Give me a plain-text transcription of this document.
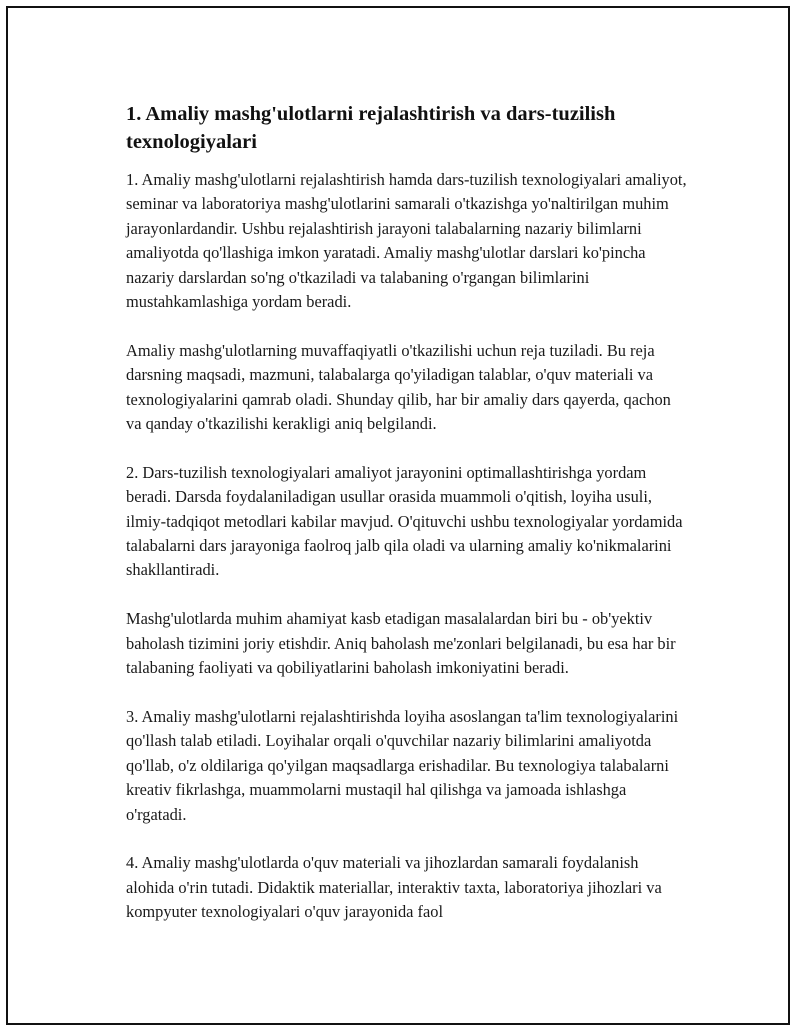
1. Amaliy mashg'ulotlarni rejalashtirish va dars-tuzilish texnologiyalari

1. Amaliy mashg'ulotlarni rejalashtirish hamda dars-tuzilish texnologiyalari amaliyot, seminar va laboratoriya mashg'ulotlarini samarali o'tkazishga yo'naltirilgan muhim jarayonlardandir. Ushbu rejalashtirish jarayoni talabalarning nazariy bilimlarni amaliyotda qo'llashiga imkon yaratadi. Amaliy mashg'ulotlar darslari ko'pincha nazariy darslardan so'ng o'tkaziladi va talabaning o'rgangan bilimlarini mustahkamlashiga yordam beradi.

Amaliy mashg'ulotlarning muvaffaqiyatli o'tkazilishi uchun reja tuziladi. Bu reja darsning maqsadi, mazmuni, talabalarga qo'yiladigan talablar, o'quv materiali va texnologiyalarini qamrab oladi. Shunday qilib, har bir amaliy dars qayerda, qachon va qanday o'tkazilishi kerakligi aniq belgilandi.

2. Dars-tuzilish texnologiyalari amaliyot jarayonini optimallashtirishga yordam beradi. Darsda foydalaniladigan usullar orasida muammoli o'qitish, loyiha usuli, ilmiy-tadqiqot metodlari kabilar mavjud. O'qituvchi ushbu texnologiyalar yordamida talabalarni dars jarayoniga faolroq jalb qila oladi va ularning amaliy ko'nikmalarini shakllantiradi.

Mashg'ulotlarda muhim ahamiyat kasb etadigan masalalardan biri bu - ob'yektiv baholash tizimini joriy etishdir. Aniq baholash me'zonlari belgilanadi, bu esa har bir talabaning faoliyati va qobiliyatlarini baholash imkoniyatini beradi.

3. Amaliy mashg'ulotlarni rejalashtirishda loyiha asoslangan ta'lim texnologiyalarini qo'llash talab etiladi. Loyihalar orqali o'quvchilar nazariy bilimlarini amaliyotda qo'llab, o'z oldilariga qo'yilgan maqsadlarga erishadilar. Bu texnologiya talabalarni kreativ fikrlashga, muammolarni mustaqil hal qilishga va jamoada ishlashga o'rgatadi.

4. Amaliy mashg'ulotlarda o'quv materiali va jihozlardan samarali foydalanish alohida o'rin tutadi. Didaktik materiallar, interaktiv taxta, laboratoriya jihozlari va kompyuter texnologiyalari o'quv jarayonida faol
